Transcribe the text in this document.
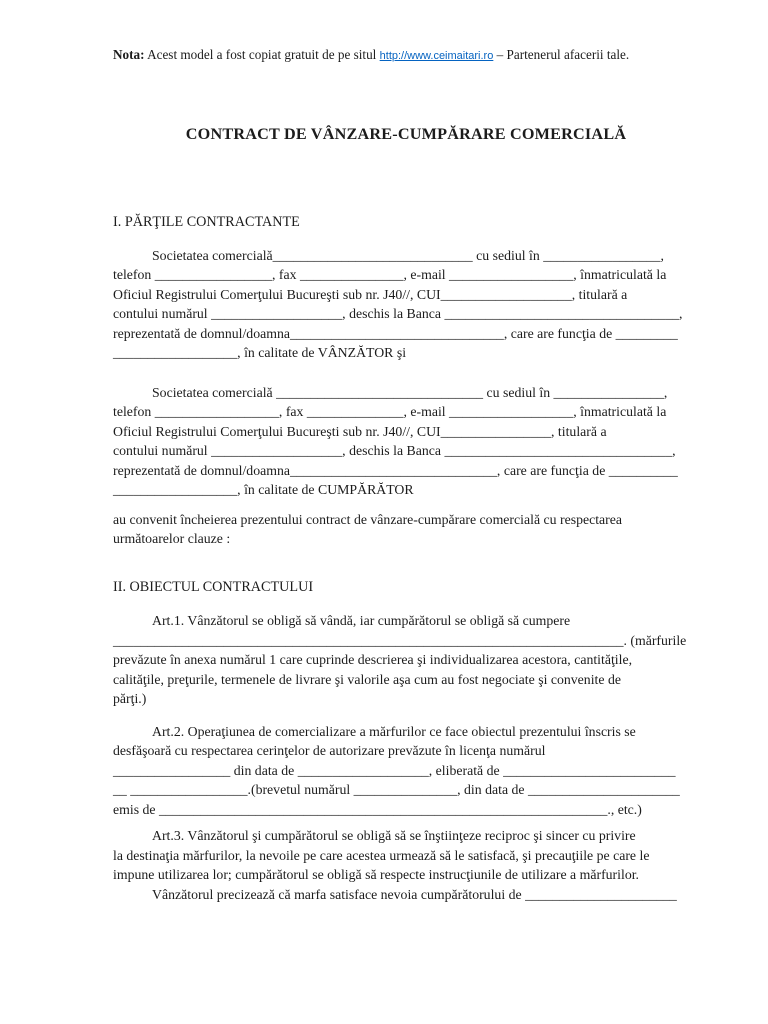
Nota: Acest model a fost copiat gratuit de pe situl http://www.ceimaitari.ro – Partenerul afacerii tale.

CONTRACT DE VÂNZARE-CUMPĂRARE COMERCIALĂ
I. PĂRŢILE CONTRACTANTE
Societatea comercială_____________________________ cu sediul în _________________,
telefon _________________, fax _______________, e-mail __________________, înmatriculată la
Oficiul Registrului Comerţului Bucureşti sub nr. J40//, CUI___________________, titulară a
contului numărul ___________________, deschis la Banca __________________________________,
reprezentată de domnul/doamna_______________________________, care are funcţia de _________
__________________, în calitate de VÂNZĂTOR şi
Societatea comercială ______________________________ cu sediul în ________________,
telefon __________________, fax ______________, e-mail __________________, înmatriculată la
Oficiul Registrului Comerţului Bucureşti sub nr. J40//, CUI________________, titulară a
contului numărul ___________________, deschis la Banca _________________________________,
reprezentată de domnul/doamna______________________________, care are funcţia de __________
__________________, în calitate de CUMPĂRĂTOR
au convenit încheierea prezentului contract de vânzare-cumpărare comercială cu respectarea
următoarelor clauze :
II. OBIECTUL CONTRACTULUI
Art.1. Vânzătorul se obligă să vândă, iar cumpărătorul se obligă să cumpere
__________________________________________________________________________. (mărfurile
prevăzute în anexa numărul 1 care cuprinde descrierea şi individualizarea acestora, cantităţile,
calităţile, preţurile, termenele de livrare şi valorile aşa cum au fost negociate şi convenite de
părţi.)
Art.2. Operaţiunea de comercializare a mărfurilor ce face obiectul prezentului înscris se
desfăşoară cu respectarea cerinţelor de autorizare prevăzute în licenţa numărul
_________________ din data de ___________________, eliberată de _________________________
__ _________________.(brevetul numărul _______________, din data de ______________________
emis de _________________________________________________________________., etc.)
Art.3. Vânzătorul şi cumpărătorul se obligă să se înştiinţeze reciproc şi sincer cu privire
la destinaţia mărfurilor, la nevoile pe care acestea urmează să le satisfacă, şi precauţiile pe care le
impune utilizarea lor; cumpărătorul se obligă să respecte instrucţiunile de utilizare a mărfurilor.
Vânzătorul precizează că marfa satisface nevoia cumpărătorului de ______________________
